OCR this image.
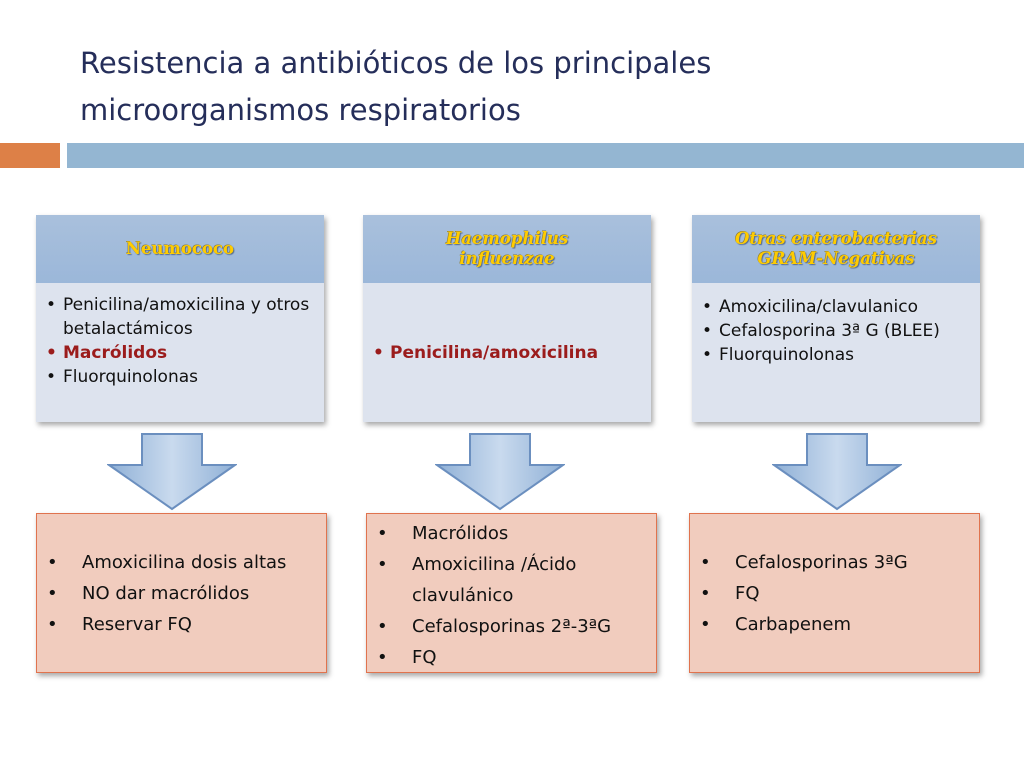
Resistencia a antibióticos de los principales
microorganismos respiratorios
Neumococo
• Penicilina/amoxicilina y otros betalactámicos
• Macrólidos
• Fluorquinolonas
Haemophilus
influenzae
• Penicilina/amoxicilina
Otras enterobacterias
GRAM-Negativas
• Amoxicilina/clavulanico
• Cefalosporina 3ª G (BLEE)
• Fluorquinolonas
• Amoxicilina dosis altas
• NO dar macrólidos
• Reservar FQ
• Macrólidos
• Amoxicilina /Ácido clavulánico
• Cefalosporinas 2ª-3ªG
• FQ
• Cefalosporinas 3ªG
• FQ
• Carbapenem
